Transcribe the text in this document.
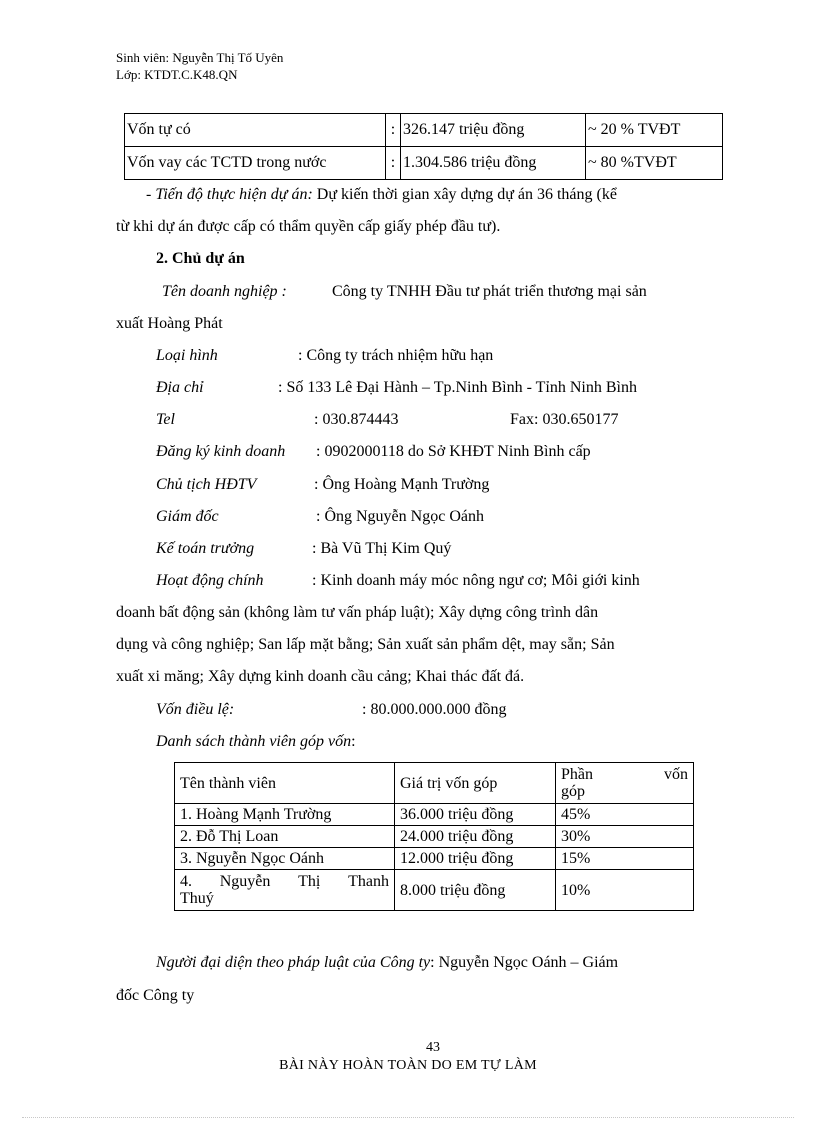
Sinh viên: Nguyễn Thị Tố Uyên
Lớp: KTDT.C.K48.QN
Vốn tự có	:	326.147 triệu đồng	~ 20 % TVĐT
Vốn vay các TCTD trong nước	:	1.304.586 triệu đồng	~ 80 %TVĐT
- Tiến độ thực hiện dự án: Dự kiến thời gian xây dựng dự án 36 tháng (kể
từ khi dự án được cấp có thẩm quyền cấp giấy phép đầu tư).
2. Chủ dự án
Tên doanh nghiệp :	Công ty TNHH Đầu tư phát triển thương mại sản
xuất Hoàng Phát
Loại hình	: Công ty trách nhiệm hữu hạn
Địa chỉ	: Số 133 Lê Đại Hành – Tp.Ninh Bình - Tỉnh Ninh Bình
Tel	: 030.874443	Fax: 030.650177
Đăng ký kinh doanh : 0902000118 do Sở KHĐT Ninh Bình cấp
Chủ tịch HĐTV	: Ông Hoàng Mạnh Trường
Giám đốc	: Ông Nguyễn Ngọc Oánh
Kế toán trưởng	: Bà Vũ Thị Kim Quý
Hoạt động chính	: Kinh doanh máy móc nông ngư cơ; Môi giới kinh
doanh bất động sản (không làm tư vấn pháp luật); Xây dựng công trình dân
dụng và công nghiệp; San lấp mặt bằng; Sản xuất sản phẩm dệt, may sẵn; Sản
xuất xi măng; Xây dựng kinh doanh cầu cảng; Khai thác đất đá.
Vốn điều lệ:	: 80.000.000.000 đồng
Danh sách thành viên góp vốn:
Tên thành viên	Giá trị vốn góp	Phần vốn
góp

1. Hoàng Mạnh Trường	36.000 triệu đồng	45%
2. Đỗ Thị Loan	24.000 triệu đồng	30%
3. Nguyễn Ngọc Oánh	12.000 triệu đồng	15%

4. Nguyễn Thị Thanh
Thuý	8.000 triệu đồng	10%
Người đại diện theo pháp luật của Công ty: Nguyễn Ngọc Oánh – Giám
đốc Công ty
43
BÀI NÀY HOÀN TOÀN DO EM TỰ LÀM
